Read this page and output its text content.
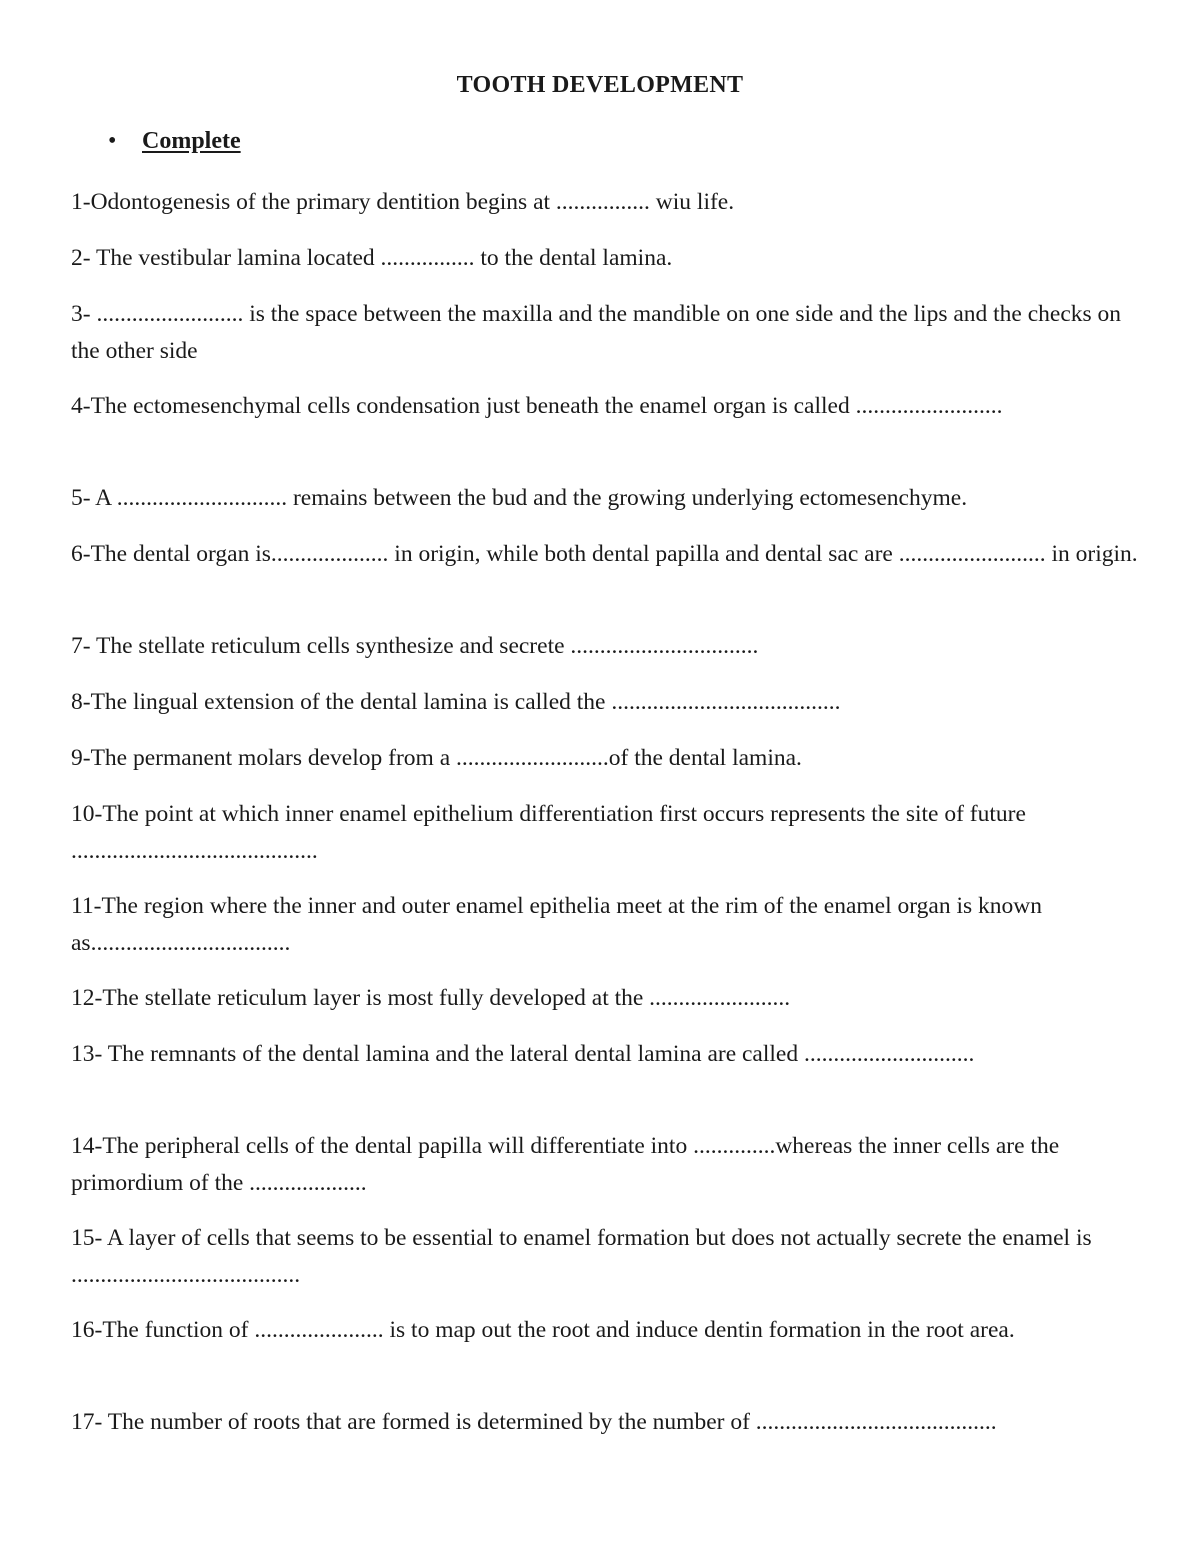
TOOTH DEVELOPMENT
• Complete
1-Odontogenesis of the primary dentition begins at ................ wiu life.
2- The vestibular lamina located ................ to the dental lamina.
3- ......................... is the space between the maxilla and the mandible on one side and the lips and the checks on the other side
4-The ectomesenchymal cells condensation just beneath the enamel organ is called .........................
5- A ............................. remains between the bud and the growing underlying ectomesenchyme.
6-The dental organ is.................... in origin, while both dental papilla and dental sac are ......................... in origin.
7- The stellate reticulum cells synthesize and secrete ................................
8-The lingual extension of the dental lamina is called the .......................................
9-The permanent molars develop from a ..........................of the dental lamina.
10-The point at which inner enamel epithelium differentiation first occurs represents the site of future ..........................................
11-The region where the inner and outer enamel epithelia meet at the rim of the enamel organ is known as..................................
12-The stellate reticulum layer is most fully developed at the ........................
13- The remnants of the dental lamina and the lateral dental lamina are called .............................
14-The peripheral cells of the dental papilla will differentiate into ..............whereas the inner cells are the primordium of the ....................
15- A layer of cells that seems to be essential to enamel formation but does not actually secrete the enamel is .......................................
16-The function of ...................... is to map out the root and induce dentin formation in the root area.
17- The number of roots that are formed is determined by the number of .........................................
